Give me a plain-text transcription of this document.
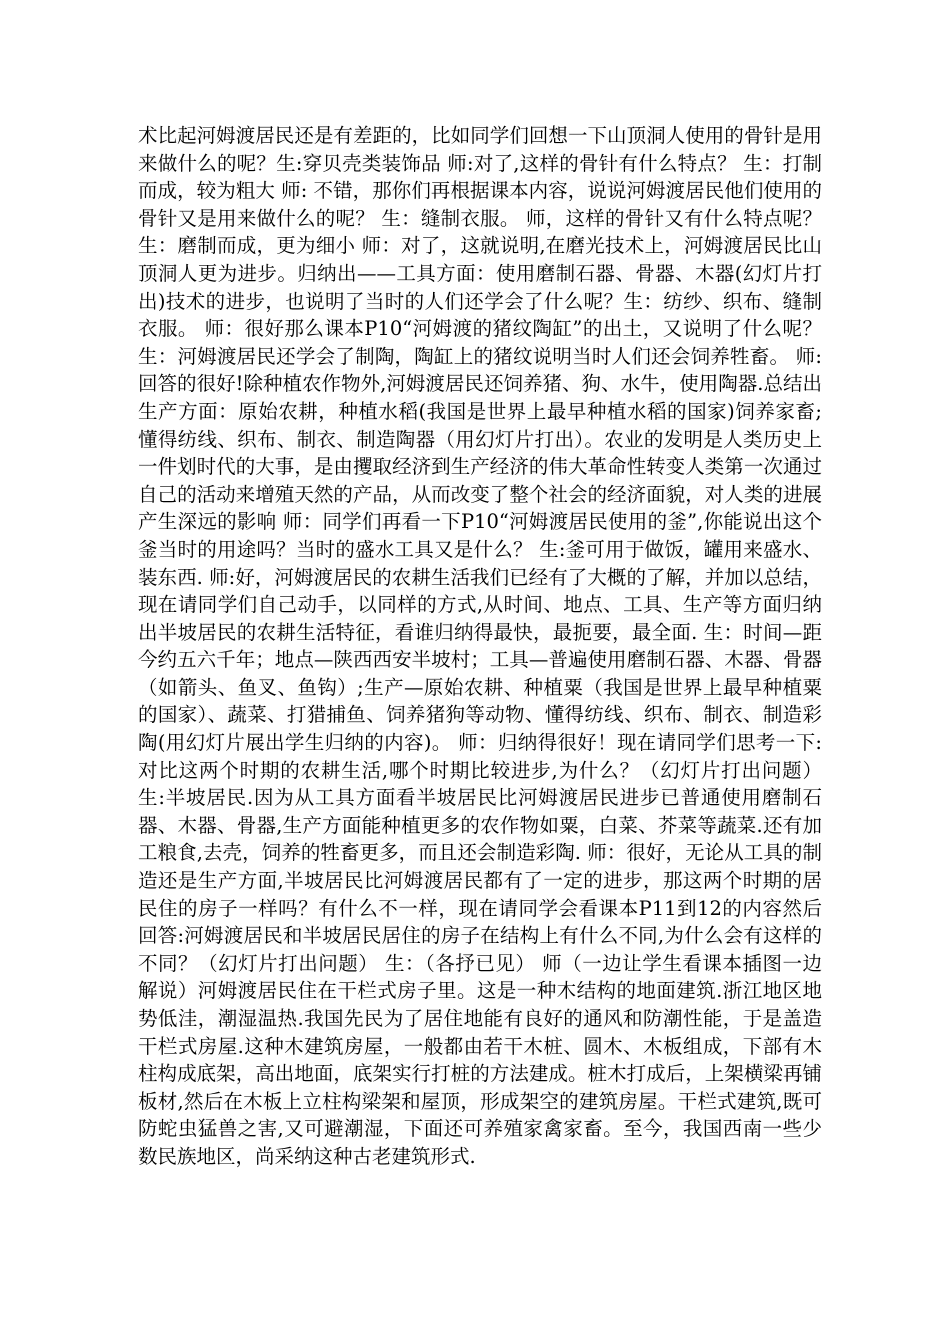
术比起河姆渡居民还是有差距的，比如同学们回想一下山顶洞人使用的骨针是用来做什么的呢？生:穿贝壳类装饰品 师:对了,这样的骨针有什么特点？ 生：打制而成，较为粗大 师: 不错，那你们再根据课本内容，说说河姆渡居民他们使用的骨针又是用来做什么的呢？ 生：缝制衣服。 师，这样的骨针又有什么特点呢？ 生：磨制而成，更为细小 师：对了，这就说明,在磨光技术上，河姆渡居民比山顶洞人更为进步。归纳出——工具方面：使用磨制石器、骨器、木器(幻灯片打出)技术的进步，也说明了当时的人们还学会了什么呢？生：纺纱、织布、缝制衣服。 师：很好那么课本P10“河姆渡的猪纹陶缸”的出土，又说明了什么呢？ 生：河姆渡居民还学会了制陶，陶缸上的猪纹说明当时人们还会饲养牲畜。 师:回答的很好!除种植农作物外,河姆渡居民还饲养猪、狗、水牛，使用陶器.总结出生产方面：原始农耕，种植水稻(我国是世界上最早种植水稻的国家)饲养家畜;懂得纺线、织布、制衣、制造陶器（用幻灯片打出）。农业的发明是人类历史上一件划时代的大事，是由攫取经济到生产经济的伟大革命性转变人类第一次通过自己的活动来增殖天然的产品，从而改变了整个社会的经济面貌，对人类的进展产生深远的影响 师：同学们再看一下P10“河姆渡居民使用的釜”,你能说出这个釜当时的用途吗？当时的盛水工具又是什么？ 生:釜可用于做饭，罐用来盛水、装东西. 师:好，河姆渡居民的农耕生活我们已经有了大概的了解，并加以总结，现在请同学们自己动手，以同样的方式,从时间、地点、工具、生产等方面归纳出半坡居民的农耕生活特征，看谁归纳得最快，最扼要，最全面. 生：时间—距今约五六千年；地点—陕西西安半坡村；工具—普遍使用磨制石器、木器、骨器（如箭头、鱼叉、鱼钩）;生产—原始农耕、种植粟（我国是世界上最早种植粟的国家）、蔬菜、打猎捕鱼、饲养猪狗等动物、懂得纺线、织布、制衣、制造彩陶(用幻灯片展出学生归纳的内容)。 师：归纳得很好！现在请同学们思考一下:对比这两个时期的农耕生活,哪个时期比较进步,为什么？（幻灯片打出问题） 生:半坡居民.因为从工具方面看半坡居民比河姆渡居民进步已普通使用磨制石器、木器、骨器,生产方面能种植更多的农作物如粟，白菜、芥菜等蔬菜.还有加工粮食,去壳，饲养的牲畜更多，而且还会制造彩陶. 师：很好，无论从工具的制造还是生产方面,半坡居民比河姆渡居民都有了一定的进步，那这两个时期的居民住的房子一样吗？有什么不一样，现在请同学会看课本P11到12的内容然后回答:河姆渡居民和半坡居民居住的房子在结构上有什么不同,为什么会有这样的不同？（幻灯片打出问题） 生：（各抒已见） 师（一边让学生看课本插图一边解说）河姆渡居民住在干栏式房子里。这是一种木结构的地面建筑.浙江地区地势低洼，潮湿温热.我国先民为了居住地能有良好的通风和防潮性能，于是盖造干栏式房屋.这种木建筑房屋，一般都由若干木桩、圆木、木板组成，下部有木柱构成底架，高出地面，底架实行打桩的方法建成。桩木打成后，上架横梁再铺板材,然后在木板上立柱构梁架和屋顶，形成架空的建筑房屋。干栏式建筑,既可防蛇虫猛兽之害,又可避潮湿，下面还可养殖家禽家畜。至今，我国西南一些少数民族地区，尚采纳这种古老建筑形式.
